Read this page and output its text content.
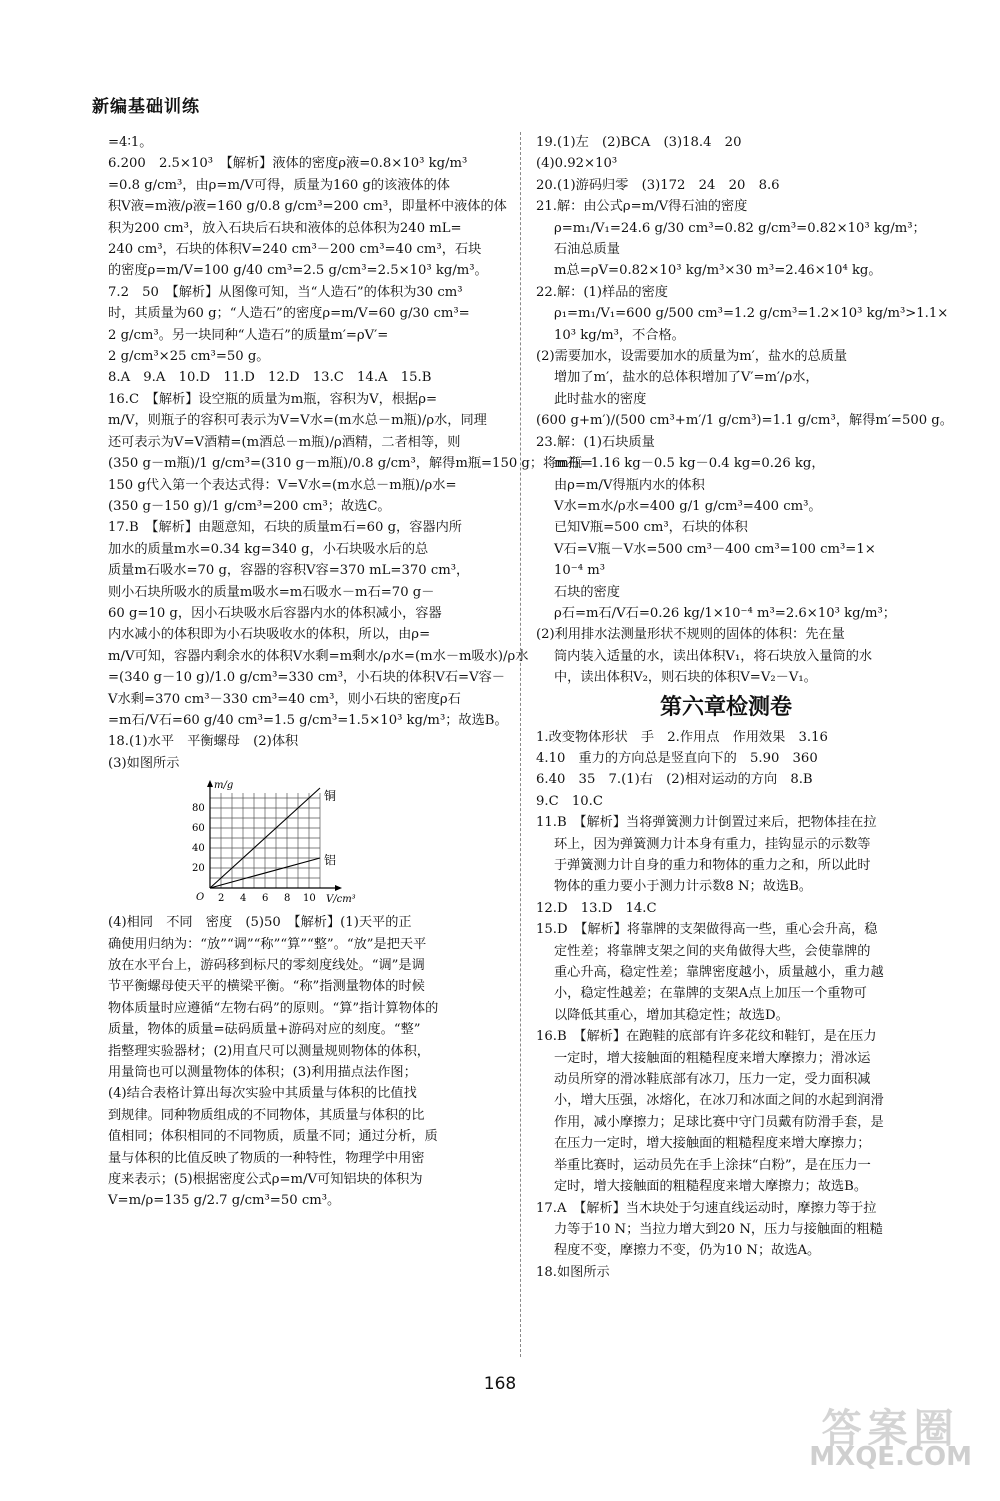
新编基础训练
=4∶1。
6.200　2.5×10³　【解析】液体的密度ρ液=0.8×10³ kg/m³
=0.8 g/cm³，由ρ=m/V可得，质量为160 g的该液体的体
积V液=m液/ρ液=160 g/0.8 g/cm³=200 cm³，即量杯中液体的体
积为200 cm³，放入石块后石块和液体的总体积为240 mL=
240 cm³，石块的体积V=240 cm³－200 cm³=40 cm³，石块
的密度ρ=m/V=100 g/40 cm³=2.5 g/cm³=2.5×10³ kg/m³。
7.2　50　【解析】从图像可知，当“人造石”的体积为30 cm³
时，其质量为60 g；“人造石”的密度ρ=m/V=60 g/30 cm³=
2 g/cm³。另一块同种“人造石”的质量m′=ρV′=
2 g/cm³×25 cm³=50 g。
8.A　9.A　10.D　11.D　12.D　13.C　14.A　15.B
16.C　【解析】设空瓶的质量为m瓶，容积为V，根据ρ=
m/V，则瓶子的容积可表示为V=V水=(m水总－m瓶)/ρ水，同理
还可表示为V=V酒精=(m酒总－m瓶)/ρ酒精，二者相等，则
(350 g－m瓶)/1 g/cm³=(310 g－m瓶)/0.8 g/cm³，解得m瓶=150 g；将m瓶=
150 g代入第一个表达式得：V=V水=(m水总－m瓶)/ρ水=
(350 g－150 g)/1 g/cm³=200 cm³；故选C。
17.B　【解析】由题意知，石块的质量m石=60 g，容器内所
加水的质量m水=0.34 kg=340 g，小石块吸水后的总
质量m石吸水=70 g，容器的容积V容=370 mL=370 cm³，
则小石块所吸水的质量m吸水=m石吸水－m石=70 g－
60 g=10 g，因小石块吸水后容器内水的体积减小，容器
内水减小的体积即为小石块吸收水的体积，所以，由ρ=
m/V可知，容器内剩余水的体积V水剩=m剩水/ρ水=(m水－m吸水)/ρ水
=(340 g－10 g)/1.0 g/cm³=330 cm³，小石块的体积V石=V容－
V水剩=370 cm³－330 cm³=40 cm³，则小石块的密度ρ石
=m石/V石=60 g/40 cm³=1.5 g/cm³=1.5×10³ kg/m³；故选B。
18.(1)水平　平衡螺母　(2)体积
(3)如图所示
m/g
V/cm³
O 2 4 6 8 10
20
40
60
80
铜
铝
(4)相同　不同　密度　(5)50　【解析】(1)天平的正
确使用归纳为：“放”“调”“称”“算”“整”。“放”是把天平
放在水平台上，游码移到标尺的零刻度线处。“调”是调
节平衡螺母使天平的横梁平衡。“称”指测量物体的时候
物体质量时应遵循“左物右码”的原则。“算”指计算物体的
质量，物体的质量=砝码质量+游码对应的刻度。“整”
指整理实验器材；(2)用直尺可以测量规则物体的体积，
用量筒也可以测量物体的体积；(3)利用描点法作图；
(4)结合表格计算出每次实验中其质量与体积的比值找
到规律。同种物质组成的不同物体，其质量与体积的比
值相同；体积相同的不同物质，质量不同；通过分析，质
量与体积的比值反映了物质的一种特性，物理学中用密
度来表示；(5)根据密度公式ρ=m/V可知铝块的体积为
V=m/ρ=135 g/2.7 g/cm³=50 cm³。
19.(1)左　(2)BCA　(3)18.4　20
(4)0.92×10³
20.(1)游码归零　(3)172　24　20　8.6
21.解：由公式ρ=m/V得石油的密度
ρ=m₁/V₁=24.6 g/30 cm³=0.82 g/cm³=0.82×10³ kg/m³；
石油总质量
m总=ρV=0.82×10³ kg/m³×30 m³=2.46×10⁴ kg。
22.解：(1)样品的密度
ρ₁=m₁/V₁=600 g/500 cm³=1.2 g/cm³=1.2×10³ kg/m³>1.1×
10³ kg/m³，不合格。
(2)需要加水，设需要加水的质量为m′，盐水的总质量
增加了m′，盐水的总体积增加了V′=m′/ρ水，
此时盐水的密度
(600 g+m′)/(500 cm³+m′/1 g/cm³)=1.1 g/cm³，解得m′=500 g。
23.解：(1)石块质量
m石=1.16 kg－0.5 kg－0.4 kg=0.26 kg，
由ρ=m/V得瓶内水的体积
V水=m水/ρ水=400 g/1 g/cm³=400 cm³。
已知V瓶=500 cm³，石块的体积
V石=V瓶－V水=500 cm³－400 cm³=100 cm³=1×
10⁻⁴ m³
石块的密度
ρ石=m石/V石=0.26 kg/1×10⁻⁴ m³=2.6×10³ kg/m³；
(2)利用排水法测量形状不规则的固体的体积：先在量
筒内装入适量的水，读出体积V₁，将石块放入量筒的水
中，读出体积V₂，则石块的体积V=V₂－V₁。
第六章检测卷
1.改变物体形状　手　2.作用点　作用效果　3.16
4.10　重力的方向总是竖直向下的　5.90　360
6.40　35　7.(1)右　(2)相对运动的方向　8.B
9.C　10.C
11.B　【解析】当将弹簧测力计倒置过来后，把物体挂在拉
环上，因为弹簧测力计本身有重力，挂钩显示的示数等
于弹簧测力计自身的重力和物体的重力之和，所以此时
物体的重力要小于测力计示数8 N；故选B。
12.D　13.D　14.C
15.D　【解析】将靠牌的支架做得高一些，重心会升高，稳
定性差；将靠牌支架之间的夹角做得大些，会使靠牌的
重心升高，稳定性差；靠牌密度越小，质量越小，重力越
小，稳定性越差；在靠牌的支架A点上加压一个重物可
以降低其重心，增加其稳定性；故选D。
16.B　【解析】在跑鞋的底部有许多花纹和鞋钉，是在压力
一定时，增大接触面的粗糙程度来增大摩擦力；滑冰运
动员所穿的滑冰鞋底部有冰刀，压力一定，受力面积减
小，增大压强，冰熔化，在冰刀和冰面之间的水起到润滑
作用，减小摩擦力；足球比赛中守门员戴有防滑手套，是
在压力一定时，增大接触面的粗糙程度来增大摩擦力；
举重比赛时，运动员先在手上涂抹“白粉”，是在压力一
定时，增大接触面的粗糙程度来增大摩擦力；故选B。
17.A　【解析】当木块处于匀速直线运动时，摩擦力等于拉
力等于10 N；当拉力增大到20 N，压力与接触面的粗糙
程度不变，摩擦力不变，仍为10 N；故选A。
18.如图所示
168
答案圈
MXQE.COM
